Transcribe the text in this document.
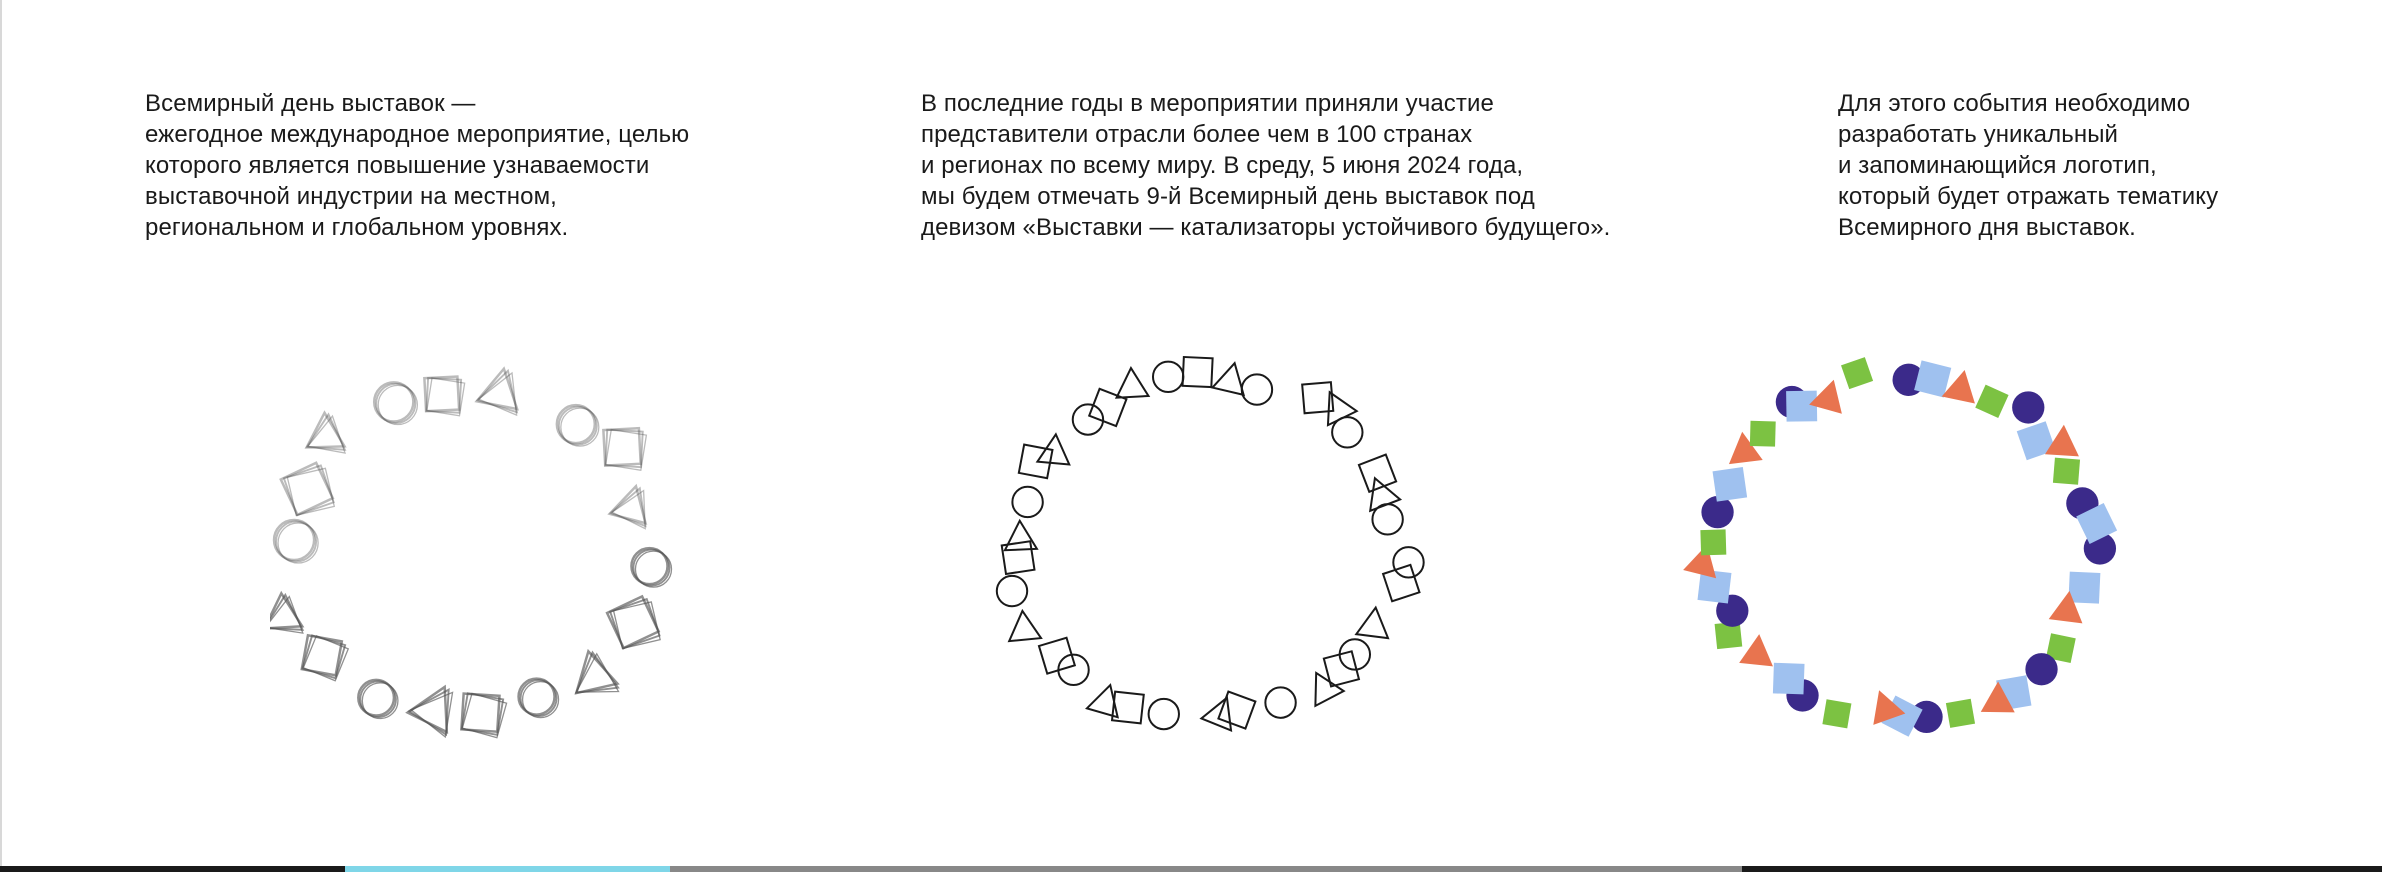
Всемирный день выставок —
ежегодное международное мероприятие, целью
которого является повышение узнаваемости
выставочной индустрии на местном,
региональном и глобальном уровнях.
В последние годы в мероприятии приняли участие
представители отрасли более чем в 100 странах
и регионах по всему миру. В среду, 5 июня 2024 года,
мы будем отмечать 9-й Всемирный день выставок под
девизом «Выставки — катализаторы устойчивого будущего».
Для этого события необходимо
разработать уникальный
и запоминающийся логотип,
который будет отражать тематику
Всемирного дня выставок.
